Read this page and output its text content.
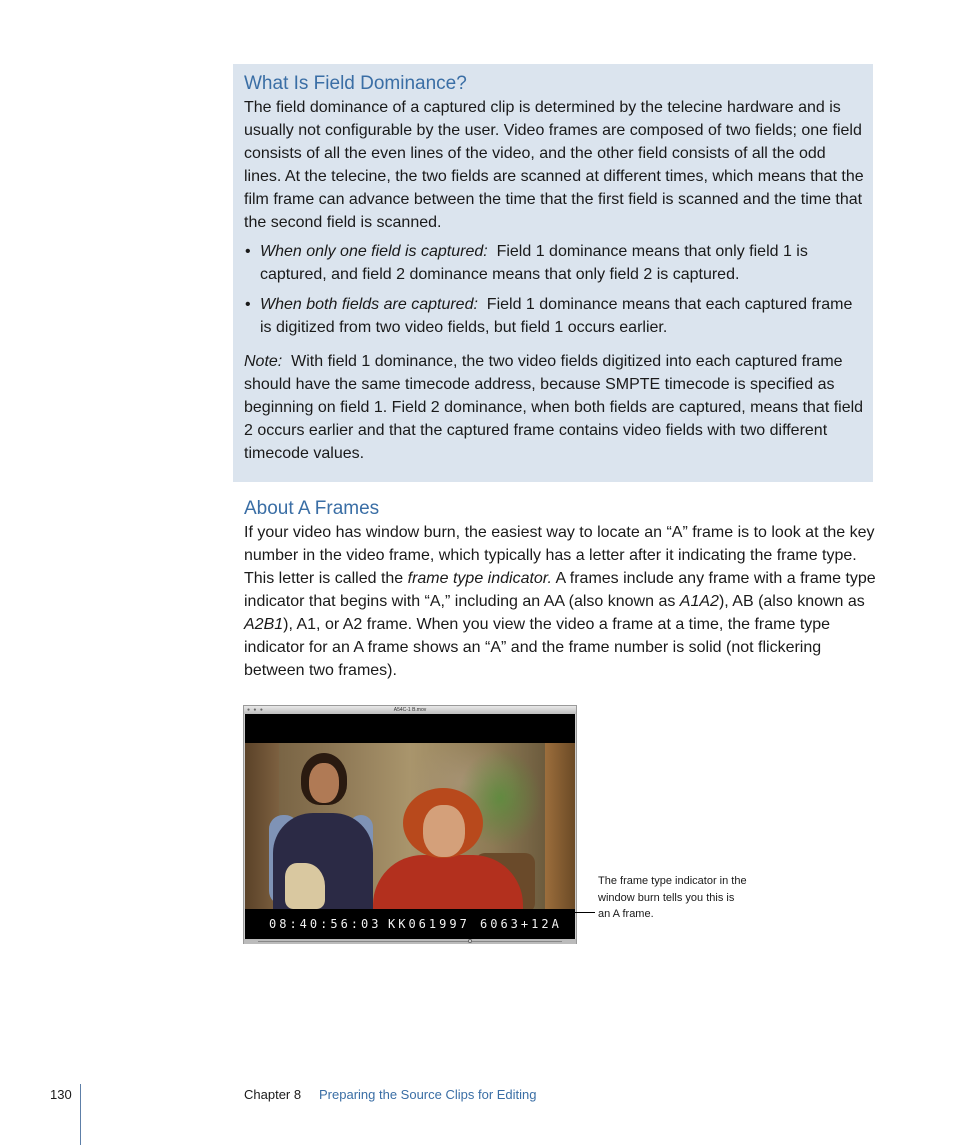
What Is Field Dominance?

The field dominance of a captured clip is determined by the telecine hardware and is usually not configurable by the user. Video frames are composed of two fields; one field consists of all the even lines of the video, and the other field consists of all the odd lines. At the telecine, the two fields are scanned at different times, which means that the film frame can advance between the time that the first field is scanned and the time that the second field is scanned.

• When only one field is captured: Field 1 dominance means that only field 1 is captured, and field 2 dominance means that only field 2 is captured.
• When both fields are captured: Field 1 dominance means that each captured frame is digitized from two video fields, but field 1 occurs earlier.

Note: With field 1 dominance, the two video fields digitized into each captured frame should have the same timecode address, because SMPTE timecode is specified as beginning on field 1. Field 2 dominance, when both fields are captured, means that field 2 occurs earlier and that the captured frame contains video fields with two different timecode values.

About A Frames

If your video has window burn, the easiest way to locate an “A” frame is to look at the key number in the video frame, which typically has a letter after it indicating the frame type. This letter is called the frame type indicator. A frames include any frame with a frame type indicator that begins with “A,” including an AA (also known as A1A2), AB (also known as A2B1), A1, or A2 frame. When you view the video a frame at a time, the frame type indicator for an A frame shows an “A” and the frame number is solid (not flickering between two frames).

● ● ●	A54C-1 B.mov
08:40:56:03 KK061997 6063+12A
The frame type indicator in the window burn tells you this is an A frame.
130	Chapter 8 Preparing the Source Clips for Editing
